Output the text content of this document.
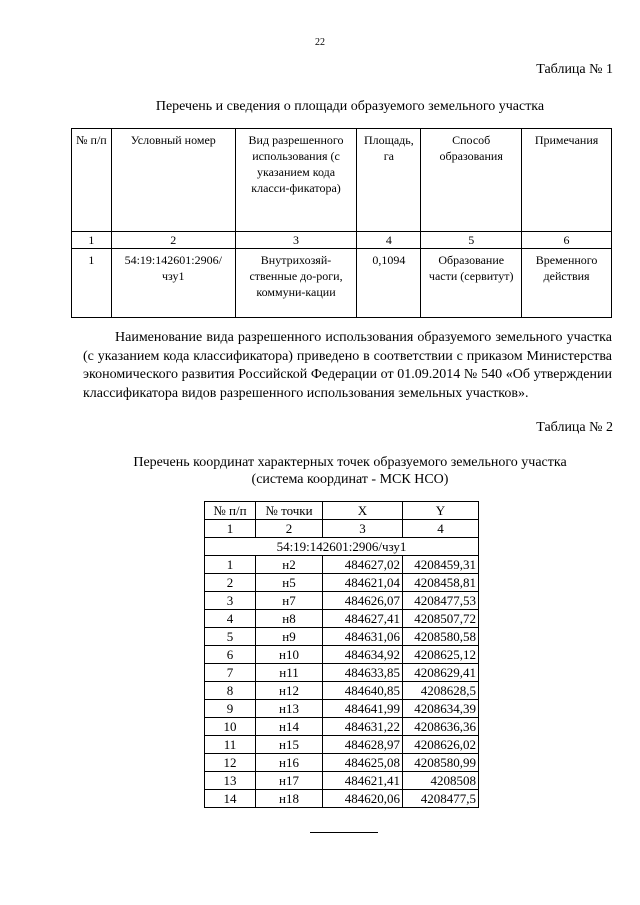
22
Таблица № 1
Перечень и сведения о площади образуемого земельного участка
№ п/п	Условный номер	Вид разрешенного использования (с указанием кода класси-фикатора)	Площадь, га	Способ образования	Примечания
1	2	3	4	5	6
1	54:19:142601:2906/чзу1	Внутрихозяй-ственные до-роги, коммуни-кации	0,1094	Образование части (сервитут)	Временного действия
Наименование вида разрешенного использования образуемого земельного участка (с указанием кода классификатора) приведено в соответствии с приказом Министерства экономического развития Российской Федерации от 01.09.2014 № 540 «Об утверждении классификатора видов разрешенного использования земельных участков».
Таблица № 2
Перечень координат характерных точек образуемого земельного участка
(система координат - МСК НСО)
№ п/п	№ точки	X	Y
1	2	3	4
54:19:142601:2906/чзу1			
1	н2	484627,02	4208459,31
2	н5	484621,04	4208458,81
3	н7	484626,07	4208477,53
4	н8	484627,41	4208507,72
5	н9	484631,06	4208580,58
6	н10	484634,92	4208625,12
7	н11	484633,85	4208629,41
8	н12	484640,85	4208628,5
9	н13	484641,99	4208634,39
10	н14	484631,22	4208636,36
11	н15	484628,97	4208626,02
12	н16	484625,08	4208580,99
13	н17	484621,41	4208508
14	н18	484620,06	4208477,5
